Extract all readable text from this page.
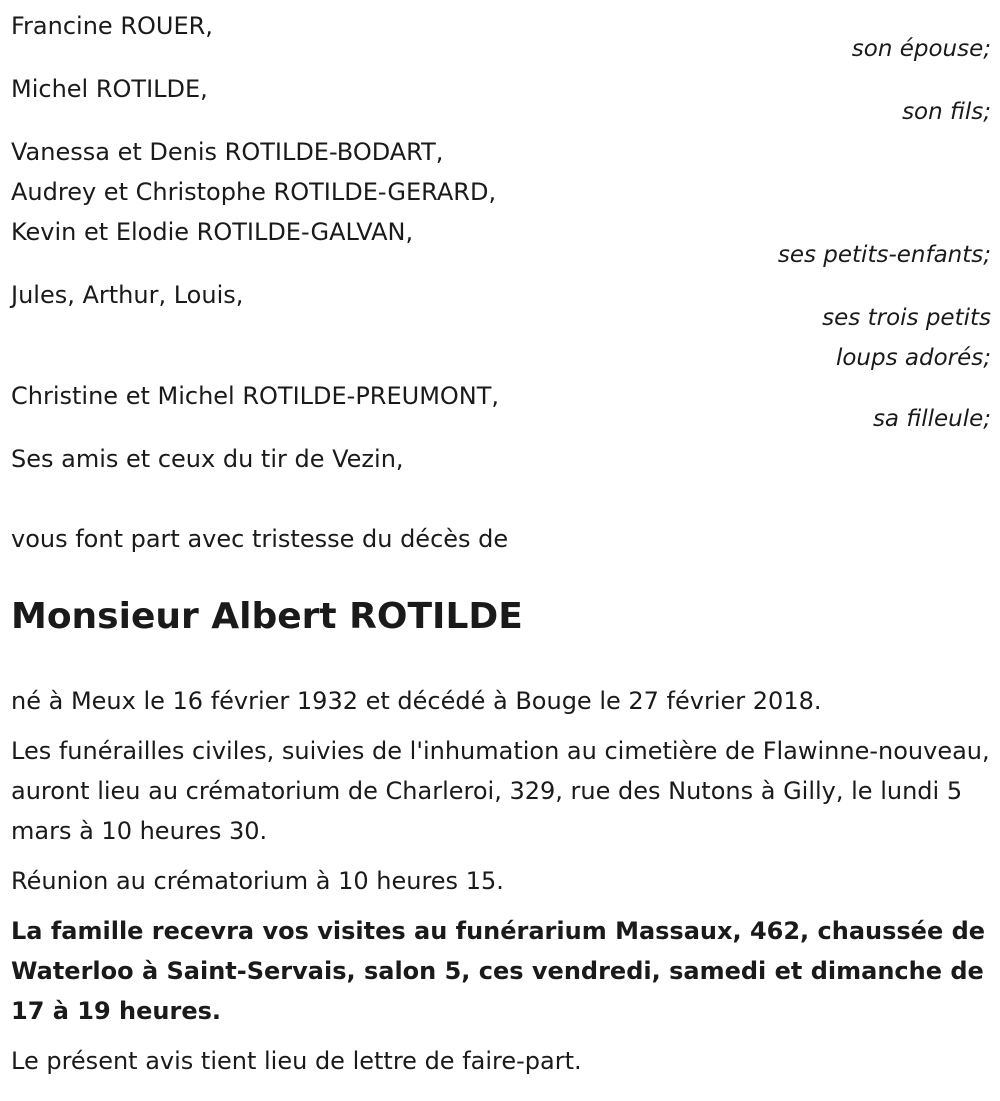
Francine ROUER,
son épouse;
Michel ROTILDE,
son fils;
Vanessa et Denis ROTILDE-BODART,
Audrey et Christophe ROTILDE-GERARD,
Kevin et Elodie ROTILDE-GALVAN,
ses petits-enfants;
Jules, Arthur, Louis,
ses trois petits
loups adorés;
Christine et Michel ROTILDE-PREUMONT,
sa filleule;
Ses amis et ceux du tir de Vezin,
vous font part avec tristesse du décès de
Monsieur Albert ROTILDE

né à Meux le 16 février 1932 et décédé à Bouge le 27 février 2018.

Les funérailles civiles, suivies de l'inhumation au cimetière de Flawinne-nouveau, auront lieu au crématorium de Charleroi, 329, rue des Nutons à Gilly, le lundi 5 mars à 10 heures 30.

Réunion au crématorium à 10 heures 15.

La famille recevra vos visites au funérarium Massaux, 462, chaussée de Waterloo à Saint-Servais, salon 5, ces vendredi, samedi et dimanche de 17 à 19 heures.

Le présent avis tient lieu de lettre de faire-part.
